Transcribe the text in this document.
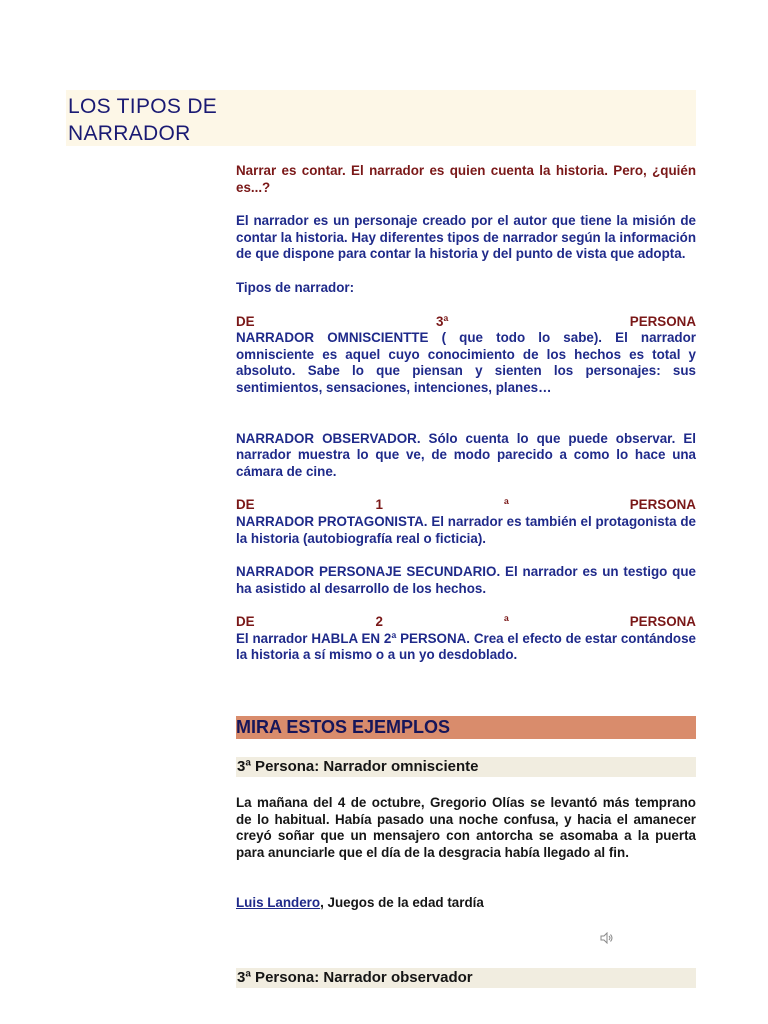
LOS TIPOS DE
NARRADOR

Narrar es contar. El narrador es quien cuenta la historia. Pero, ¿quién es...?

El narrador es un personaje creado por el autor que tiene la misión de contar la historia. Hay diferentes tipos de narrador según la información de que dispone para contar la historia y del punto de vista que adopta.

Tipos de narrador:

DE	3ª	PERSONA

NARRADOR OMNISCIENTTE ( que todo lo sabe). El narrador omnisciente es aquel cuyo conocimiento de los hechos es total y absoluto. Sabe lo que piensan y sienten los personajes: sus sentimientos, sensaciones, intenciones, planes…

NARRADOR OBSERVADOR. Sólo cuenta lo que puede observar. El narrador muestra lo que ve, de modo parecido a como lo hace una cámara de cine.

DE	1	ª	PERSONA

NARRADOR PROTAGONISTA. El narrador es también el protagonista de la historia (autobiografía real o ficticia).

NARRADOR PERSONAJE SECUNDARIO. El narrador es un testigo que ha asistido al desarrollo de los hechos.

DE	2	ª	PERSONA

El narrador HABLA EN 2ª PERSONA. Crea el efecto de estar contándose la historia a sí mismo o a un yo desdoblado.

MIRA ESTOS EJEMPLOS
3ª Persona: Narrador omnisciente

La mañana del 4 de octubre, Gregorio Olías se levantó más temprano de lo habitual. Había pasado una noche confusa, y hacia el amanecer creyó soñar que un mensajero con antorcha se asomaba a la puerta para anunciarle que el día de la desgracia había llegado al fin.

Luis Landero, Juegos de la edad tardía
3ª Persona: Narrador observador
